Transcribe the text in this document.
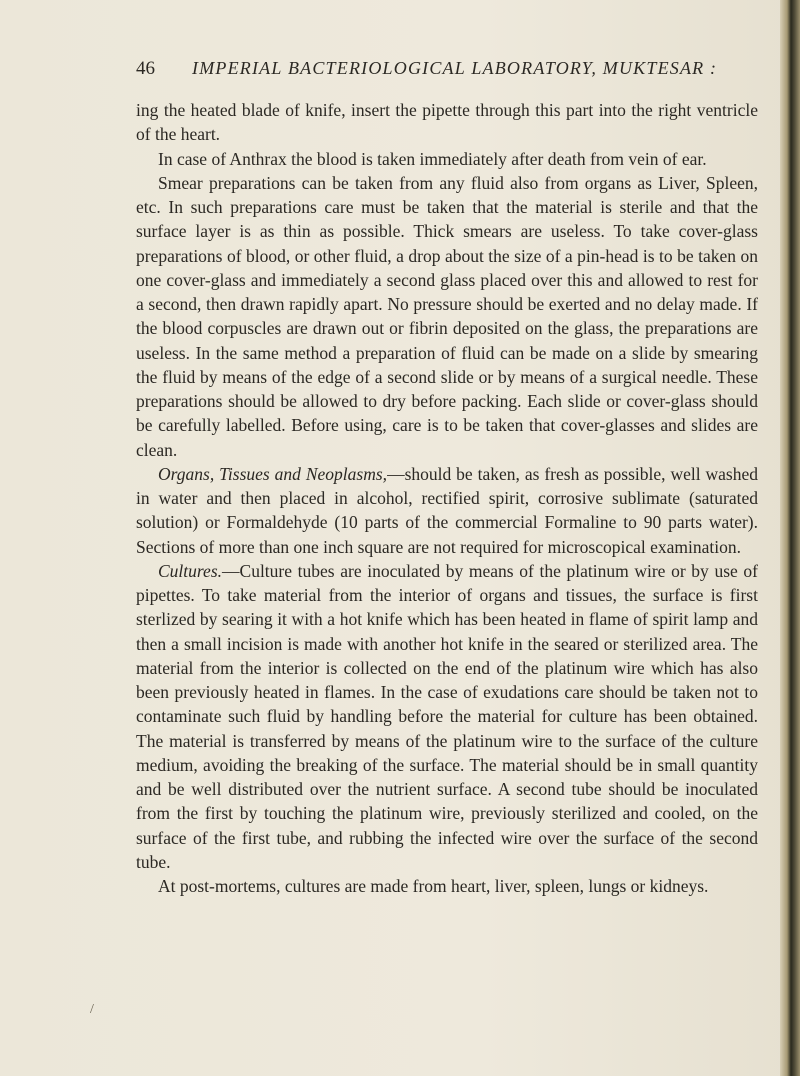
46	IMPERIAL BACTERIOLOGICAL LABORATORY, MUKTESAR :

ing the heated blade of knife, insert the pipette through this part into the right ventricle of the heart.

In case of Anthrax the blood is taken immediately after death from vein of ear.

Smear preparations can be taken from any fluid also from organs as Liver, Spleen, etc. In such preparations care must be taken that the material is sterile and that the surface layer is as thin as possible. Thick smears are useless. To take cover-glass preparations of blood, or other fluid, a drop about the size of a pin-head is to be taken on one cover-glass and immediately a second glass placed over this and allowed to rest for a second, then drawn rapidly apart. No pressure should be exerted and no delay made. If the blood corpuscles are drawn out or fibrin deposited on the glass, the preparations are useless. In the same method a preparation of fluid can be made on a slide by smearing the fluid by means of the edge of a second slide or by means of a surgical needle. These preparations should be allowed to dry before packing. Each slide or cover-glass should be carefully labelled. Before using, care is to be taken that cover-glasses and slides are clean.

Organs, Tissues and Neoplasms,—should be taken, as fresh as possible, well washed in water and then placed in alcohol, rectified spirit, corrosive sublimate (saturated solution) or Formaldehyde (10 parts of the commercial Formaline to 90 parts water). Sections of more than one inch square are not required for microscopical examination.

Cultures.—Culture tubes are inoculated by means of the platinum wire or by use of pipettes. To take material from the interior of organs and tissues, the surface is first sterlized by searing it with a hot knife which has been heated in flame of spirit lamp and then a small incision is made with another hot knife in the seared or sterilized area. The material from the interior is collected on the end of the platinum wire which has also been previously heated in flames. In the case of exudations care should be taken not to contaminate such fluid by handling before the material for culture has been obtained. The material is transferred by means of the platinum wire to the surface of the culture medium, avoiding the breaking of the surface. The material should be in small quantity and be well distributed over the nutrient surface. A second tube should be inoculated from the first by touching the platinum wire, previously sterilized and cooled, on the surface of the first tube, and rubbing the infected wire over the surface of the second tube.

At post-mortems, cultures are made from heart, liver, spleen, lungs or kidneys.

/
